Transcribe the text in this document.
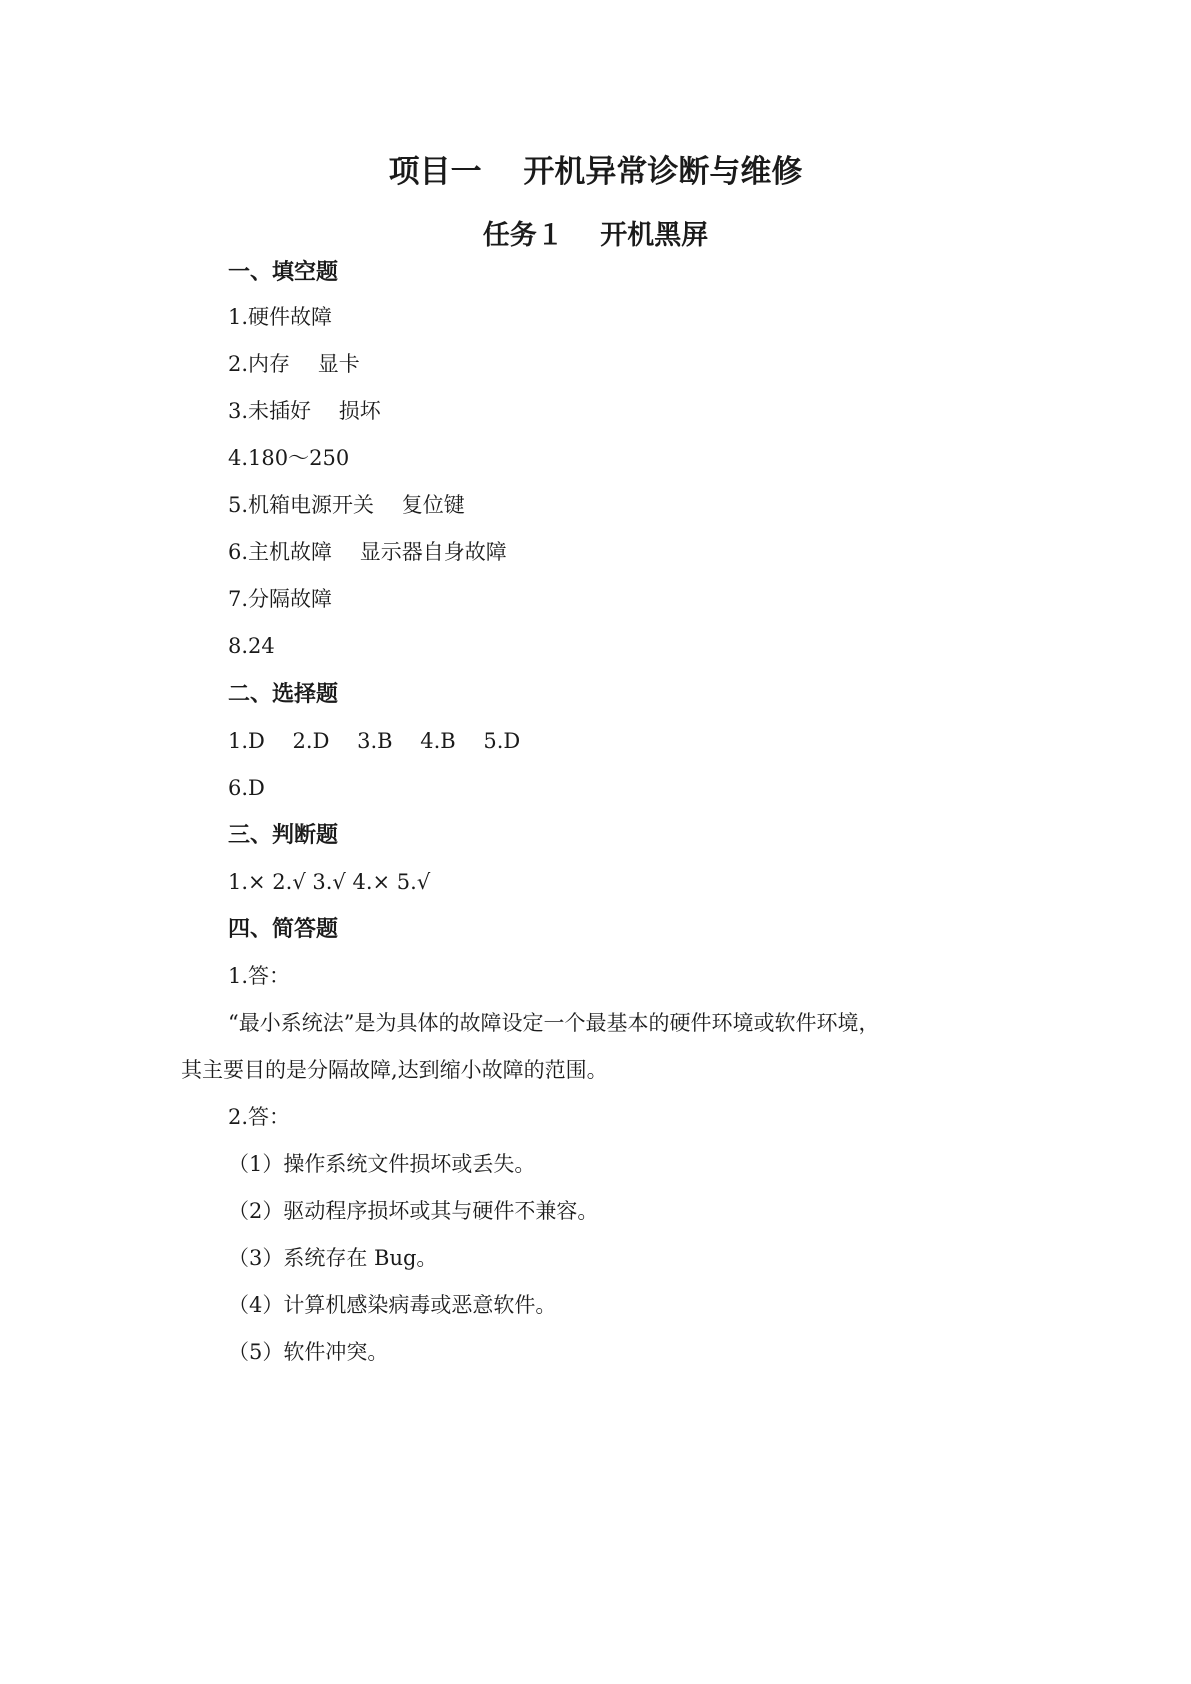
项目一　 开机异常诊断与维修
任务１　 开机黑屏
一、填空题
1.硬件故障
2.内存　 显卡
3.未插好　 损坏
4.180～250
5.机箱电源开关　 复位键
6.主机故障　 显示器自身故障
7.分隔故障
8.24
二、选择题
1.D　 2.D　 3.B　 4.B　 5.D
6.D
三、判断题
1.× 2.√ 3.√ 4.× 5.√
四、简答题
1.答：
“最小系统法”是为具体的故障设定一个最基本的硬件环境或软件环境，
其主要目的是分隔故障,达到缩小故障的范围。
2.答：
（1）操作系统文件损坏或丢失。
（2）驱动程序损坏或其与硬件不兼容。
（3）系统存在 Bug。
（4）计算机感染病毒或恶意软件。
（5）软件冲突。
